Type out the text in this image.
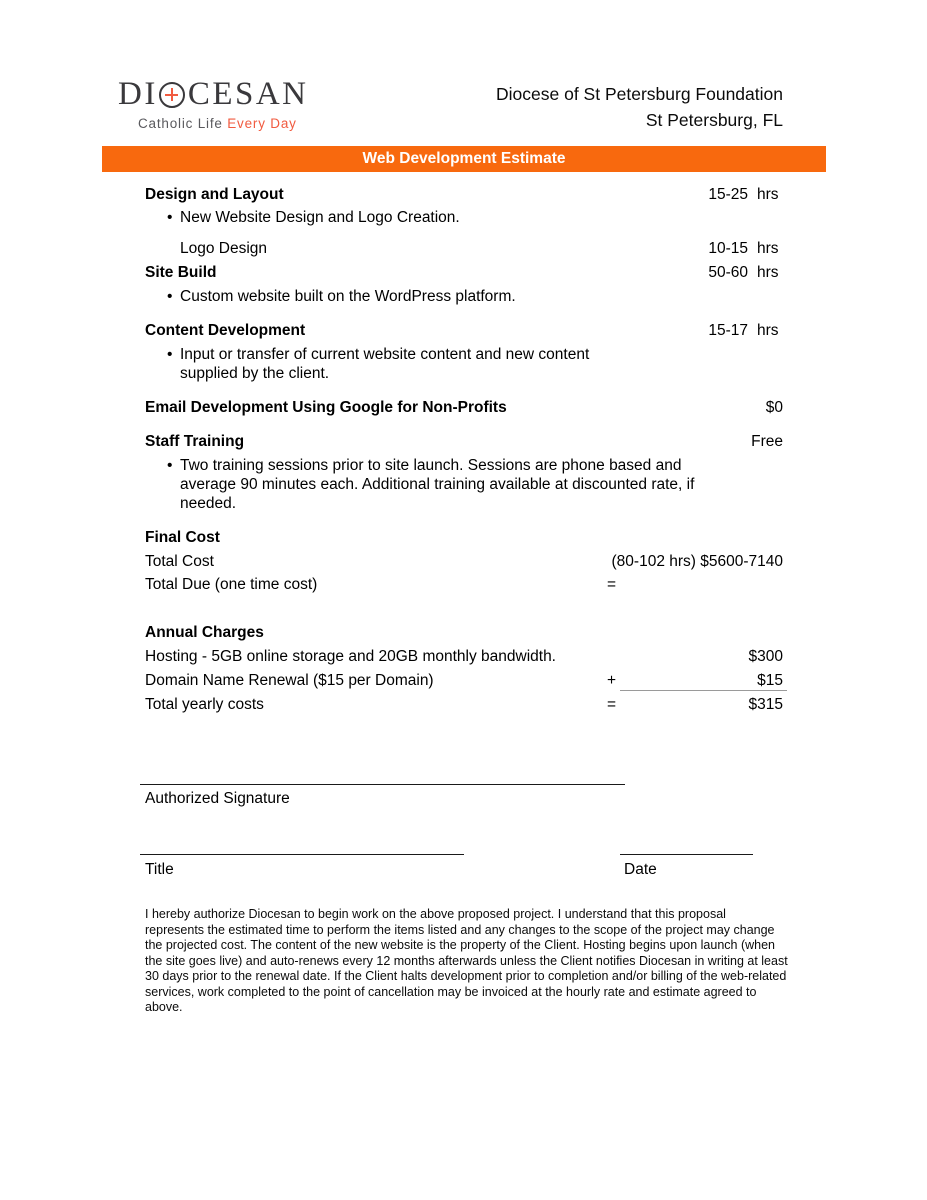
DI CESAN
Catholic Life Every Day
Diocese of St Petersburg Foundation
St Petersburg, FL
Web Development Estimate
Design and Layout	15-25 hrs
• New Website Design and Logo Creation.
Logo Design	10-15 hrs
Site Build	50-60 hrs
• Custom website built on the WordPress platform.
Content Development	15-17 hrs
• Input or transfer of current website content and new content supplied by the client.
Email Development Using Google for Non-Profits	$0
Staff Training	Free
• Two training sessions prior to site launch. Sessions are phone based and average 90 minutes each. Additional training available at discounted rate, if needed.
Final Cost
Total Cost	(80-102 hrs) $5600-7140
Total Due (one time cost)	=
Annual Charges
Hosting - 5GB online storage and 20GB monthly bandwidth.	$300
Domain Name Renewal ($15 per Domain)	+	$15
Total yearly costs	=	$315
Authorized Signature
Title	Date
I hereby authorize Diocesan to begin work on the above proposed project. I understand that this proposal represents the estimated time to perform the items listed and any changes to the scope of the project may change the projected cost. The content of the new website is the property of the Client. Hosting begins upon launch (when the site goes live) and auto-renews every 12 months afterwards unless the Client notifies Diocesan in writing at least 30 days prior to the renewal date. If the Client halts development prior to completion and/or billing of the web-related services, work completed to the point of cancellation may be invoiced at the hourly rate and estimate agreed to above.
